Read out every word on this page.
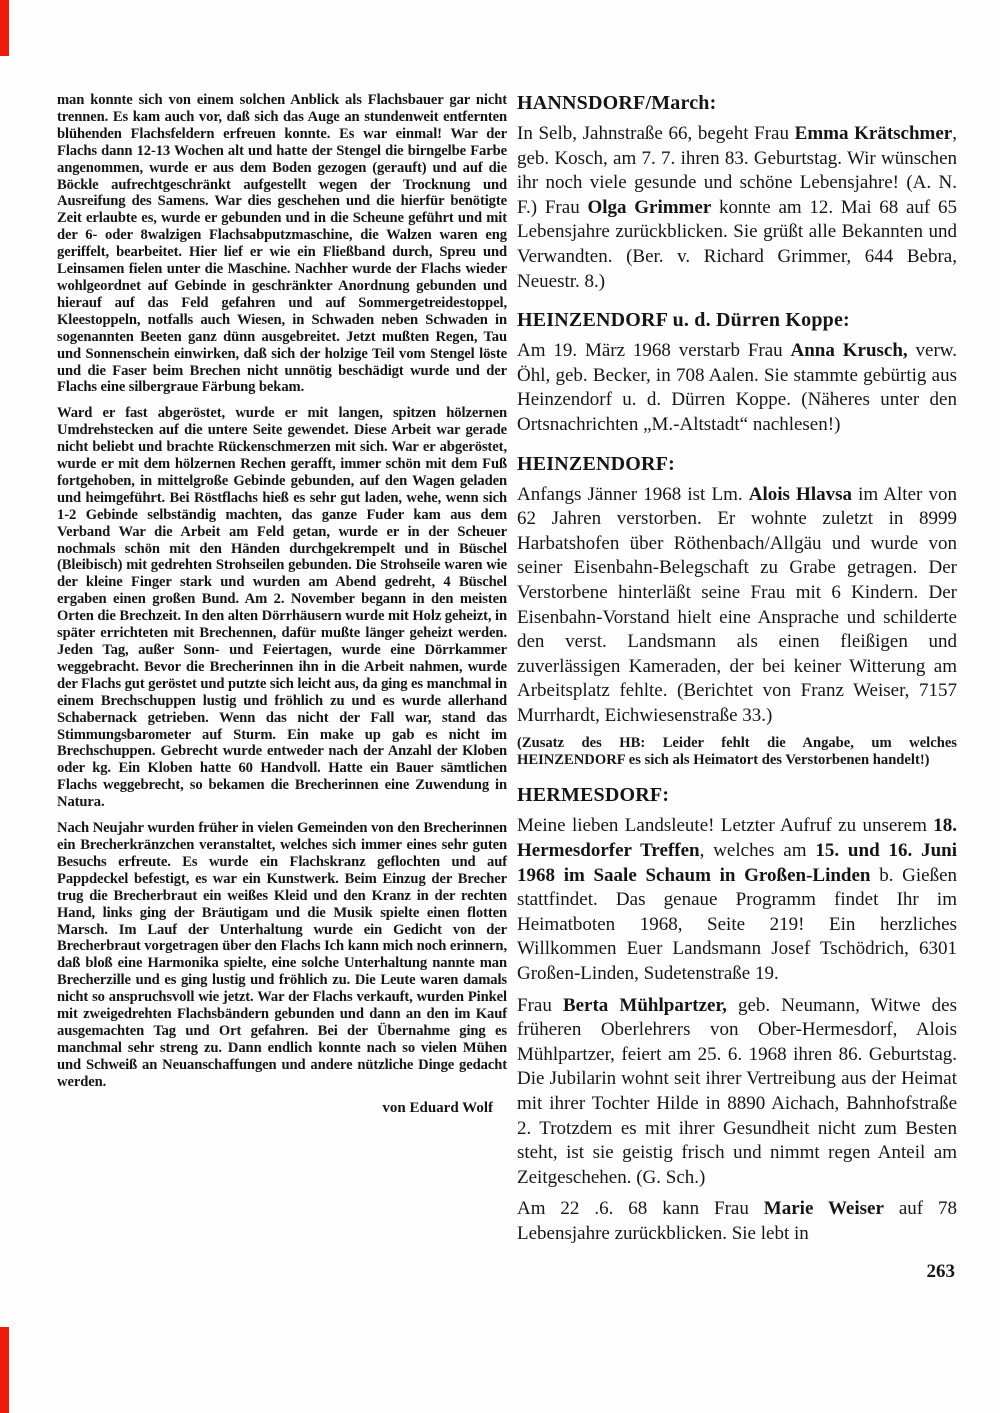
man konnte sich von einem solchen Anblick als Flachsbauer gar nicht trennen. Es kam auch vor, daß sich das Auge an stundenweit entfernten blühenden Flachsfeldern erfreuen konnte. Es war einmal! War der Flachs dann 12-13 Wochen alt und hatte der Stengel die birngelbe Farbe angenommen, wurde er aus dem Boden gezogen (gerauft) und auf die Böckle aufrechtgeschränkt aufgestellt wegen der Trocknung und Ausreifung des Samens. War dies geschehen und die hierfür benötigte Zeit erlaubte es, wurde er gebunden und in die Scheune geführt und mit der 6- oder 8walzigen Flachsabputzmaschine, die Walzen waren eng geriffelt, bearbeitet. Hier lief er wie ein Fließband durch, Spreu und Leinsamen fielen unter die Maschine. Nachher wurde der Flachs wieder wohlgeordnet auf Gebinde in geschränkter Anordnung gebunden und hierauf auf das Feld gefahren und auf Sommergetreidestoppel, Kleestoppeln, notfalls auch Wiesen, in Schwaden neben Schwaden in sogenannten Beeten ganz dünn ausgebreitet. Jetzt mußten Regen, Tau und Sonnenschein einwirken, daß sich der holzige Teil vom Stengel löste und die Faser beim Brechen nicht unnötig beschädigt wurde und der Flachs eine silbergraue Färbung bekam.

Ward er fast abgeröstet, wurde er mit langen, spitzen hölzernen Umdrehstecken auf die untere Seite gewendet. Diese Arbeit war gerade nicht beliebt und brachte Rückenschmerzen mit sich. War er abgeröstet, wurde er mit dem hölzernen Rechen gerafft, immer schön mit dem Fuß fortgehoben, in mittelgroße Gebinde gebunden, auf den Wagen geladen und heimgeführt. Bei Röstflachs hieß es sehr gut laden, wehe, wenn sich 1-2 Gebinde selbständig machten, das ganze Fuder kam aus dem Verband War die Arbeit am Feld getan, wurde er in der Scheuer nochmals schön mit den Händen durchgekrempelt und in Büschel (Bleibisch) mit gedrehten Strohseilen gebunden. Die Strohseile waren wie der kleine Finger stark und wurden am Abend gedreht, 4 Büschel ergaben einen großen Bund. Am 2. November begann in den meisten Orten die Brechzeit. In den alten Dörrhäusern wurde mit Holz geheizt, in später errichteten mit Brechennen, dafür mußte länger geheizt werden. Jeden Tag, außer Sonn- und Feiertagen, wurde eine Dörrkammer weggebracht. Bevor die Brecherinnen ihn in die Arbeit nahmen, wurde der Flachs gut geröstet und putzte sich leicht aus, da ging es manchmal in einem Brechschuppen lustig und fröhlich zu und es wurde allerhand Schabernack getrieben. Wenn das nicht der Fall war, stand das Stimmungsbarometer auf Sturm. Ein make up gab es nicht im Brechschuppen. Gebrecht wurde entweder nach der Anzahl der Kloben oder kg. Ein Kloben hatte 60 Handvoll. Hatte ein Bauer sämtlichen Flachs weggebrecht, so bekamen die Brecherinnen eine Zuwendung in Natura.

Nach Neujahr wurden früher in vielen Gemeinden von den Brecherinnen ein Brecherkränzchen veranstaltet, welches sich immer eines sehr guten Besuchs erfreute. Es wurde ein Flachskranz geflochten und auf Pappdeckel befestigt, es war ein Kunstwerk. Beim Einzug der Brecher trug die Brecherbraut ein weißes Kleid und den Kranz in der rechten Hand, links ging der Bräutigam und die Musik spielte einen flotten Marsch. Im Lauf der Unterhaltung wurde ein Gedicht von der Brecherbraut vorgetragen über den Flachs Ich kann mich noch erinnern, daß bloß eine Harmonika spielte, eine solche Unterhaltung nannte man Brecherzille und es ging lustig und fröhlich zu. Die Leute waren damals nicht so anspruchsvoll wie jetzt. War der Flachs verkauft, wurden Pinkel mit zweigedrehten Flachsbändern gebunden und dann an den im Kauf ausgemachten Tag und Ort gefahren. Bei der Übernahme ging es manchmal sehr streng zu. Dann endlich konnte nach so vielen Mühen und Schweiß an Neuanschaffungen und andere nützliche Dinge gedacht werden.

von Eduard Wolf
HANNSDORF/March:

In Selb, Jahnstraße 66, begeht Frau Emma Krätschmer, geb. Kosch, am 7. 7. ihren 83. Geburtstag. Wir wünschen ihr noch viele gesunde und schöne Lebensjahre! (A. N. F.) Frau Olga Grimmer konnte am 12. Mai 68 auf 65 Lebensjahre zurückblicken. Sie grüßt alle Bekannten und Verwandten. (Ber. v. Richard Grimmer, 644 Bebra, Neuestr. 8.)

HEINZENDORF u. d. Dürren Koppe:

Am 19. März 1968 verstarb Frau Anna Krusch, verw. Öhl, geb. Becker, in 708 Aalen. Sie stammte gebürtig aus Heinzendorf u. d. Dürren Koppe. (Näheres unter den Ortsnachrichten „M.-Altstadt“ nachlesen!)

HEINZENDORF:

Anfangs Jänner 1968 ist Lm. Alois Hlavsa im Alter von 62 Jahren verstorben. Er wohnte zuletzt in 8999 Harbatshofen über Röthenbach/Allgäu und wurde von seiner Eisenbahn-Belegschaft zu Grabe getragen. Der Verstorbene hinterläßt seine Frau mit 6 Kindern. Der Eisenbahn-Vorstand hielt eine Ansprache und schilderte den verst. Landsmann als einen fleißigen und zuverlässigen Kameraden, der bei keiner Witterung am Arbeitsplatz fehlte. (Berichtet von Franz Weiser, 7157 Murrhardt, Eichwiesenstraße 33.)

(Zusatz des HB: Leider fehlt die Angabe, um welches HEINZENDORF es sich als Heimatort des Verstorbenen handelt!)

HERMESDORF:

Meine lieben Landsleute! Letzter Aufruf zu unserem 18. Hermesdorfer Treffen, welches am 15. und 16. Juni 1968 im Saale Schaum in Großen-Linden b. Gießen stattfindet. Das genaue Programm findet Ihr im Heimatboten 1968, Seite 219! Ein herzliches Willkommen Euer Landsmann Josef Tschödrich, 6301 Großen-Linden, Sudetenstraße 19.

Frau Berta Mühlpartzer, geb. Neumann, Witwe des früheren Oberlehrers von Ober-Hermesdorf, Alois Mühlpartzer, feiert am 25. 6. 1968 ihren 86. Geburtstag. Die Jubilarin wohnt seit ihrer Vertreibung aus der Heimat mit ihrer Tochter Hilde in 8890 Aichach, Bahnhofstraße 2. Trotzdem es mit ihrer Gesundheit nicht zum Besten steht, ist sie geistig frisch und nimmt regen Anteil am Zeitgeschehen. (G. Sch.)

Am 22 .6. 68 kann Frau Marie Weiser auf 78 Lebensjahre zurückblicken. Sie lebt in

263
